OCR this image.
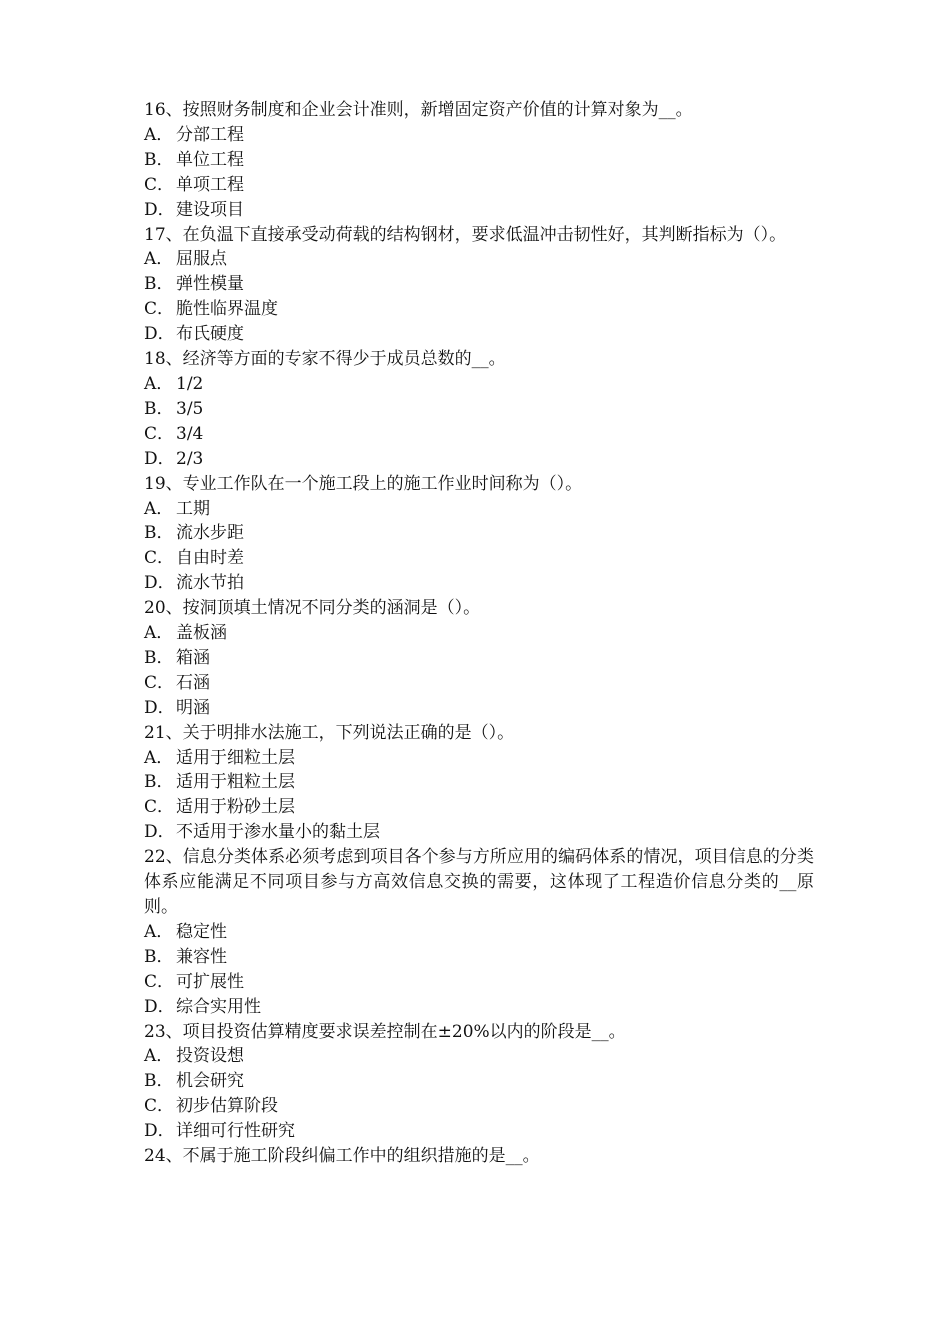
16、按照财务制度和企业会计准则，新增固定资产价值的计算对象为__。
A． 分部工程
B． 单位工程
C． 单项工程
D．建设项目
17、在负温下直接承受动荷载的结构钢材，要求低温冲击韧性好，其判断指标为（）。
A． 屈服点
B． 弹性模量
C． 脆性临界温度
D．布氏硬度
18、经济等方面的专家不得少于成员总数的__。
A． 1/2
B． 3/5
C． 3/4
D．2/3
19、专业工作队在一个施工段上的施工作业时间称为（）。
A． 工期
B． 流水步距
C． 自由时差
D．流水节拍
20、按洞顶填土情况不同分类的涵洞是（）。
A． 盖板涵
B． 箱涵
C． 石涵
D．明涵
21、关于明排水法施工，下列说法正确的是（）。
A． 适用于细粒土层
B． 适用于粗粒土层
C． 适用于粉砂土层
D．不适用于渗水量小的黏土层
22、信息分类体系必须考虑到项目各个参与方所应用的编码体系的情况，项目信息的分类体系应能满足不同项目参与方高效信息交换的需要，这体现了工程造价信息分类的__原则。
A． 稳定性
B． 兼容性
C． 可扩展性
D．综合实用性
23、项目投资估算精度要求误差控制在±20%以内的阶段是__。
A． 投资设想
B． 机会研究
C． 初步估算阶段
D．详细可行性研究
24、不属于施工阶段纠偏工作中的组织措施的是__。
